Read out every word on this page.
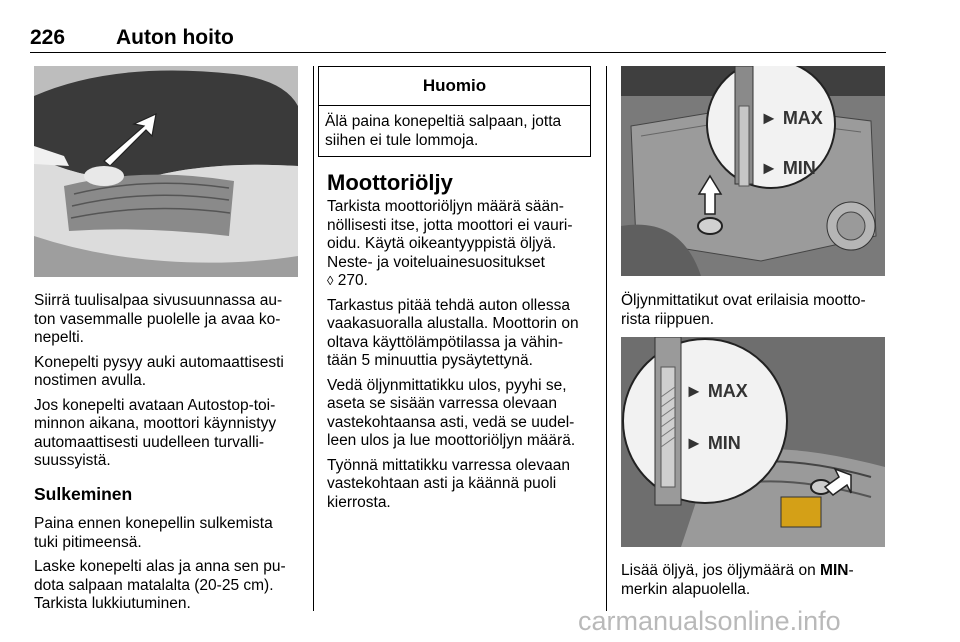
226 Auton hoito

Siirrä tuulisalpaa sivusuunnassa au-
ton vasemmalle puolelle ja avaa ko-
nepelti.

Konepelti pysyy auki automaattisesti
nostimen avulla.

Jos konepelti avataan Autostop-toi-
minnon aikana, moottori käynnistyy
automaattisesti uudelleen turvalli-
suussyistä.

Sulkeminen

Paina ennen konepellin sulkemista
tuki pitimeensä.

Laske konepelti alas ja anna sen pu-
dota salpaan matalalta (20-25 cm).
Tarkista lukkiutuminen.

Huomio
Älä paina konepeltiä salpaan, jotta
siihen ei tule lommoja.
Moottoriöljy

Tarkista moottoriöljyn määrä sään-
nöllisesti itse, jotta moottori ei vauri-
oidu. Käytä oikeantyyppistä öljyä.
Neste- ja voiteluainesuositukset
◊ 270.

Tarkastus pitää tehdä auton ollessa
vaakasuoralla alustalla. Moottorin on
oltava käyttölämpötilassa ja vähin-
tään 5 minuuttia pysäytettynä.

Vedä öljynmittatikku ulos, pyyhi se,
aseta se sisään varressa olevaan
vastekohtaansa asti, vedä se uudel-
leen ulos ja lue moottoriöljyn määrä.

Työnnä mittatikku varressa olevaan
vastekohtaan asti ja käännä puoli
kierrosta.

► MAX
► MIN

Öljynmittatikut ovat erilaisia mootto-
rista riippuen.

► MAX
► MIN

Lisää öljyä, jos öljymäärä on MIN-
merkin alapuolella.

carmanualsonline.info
